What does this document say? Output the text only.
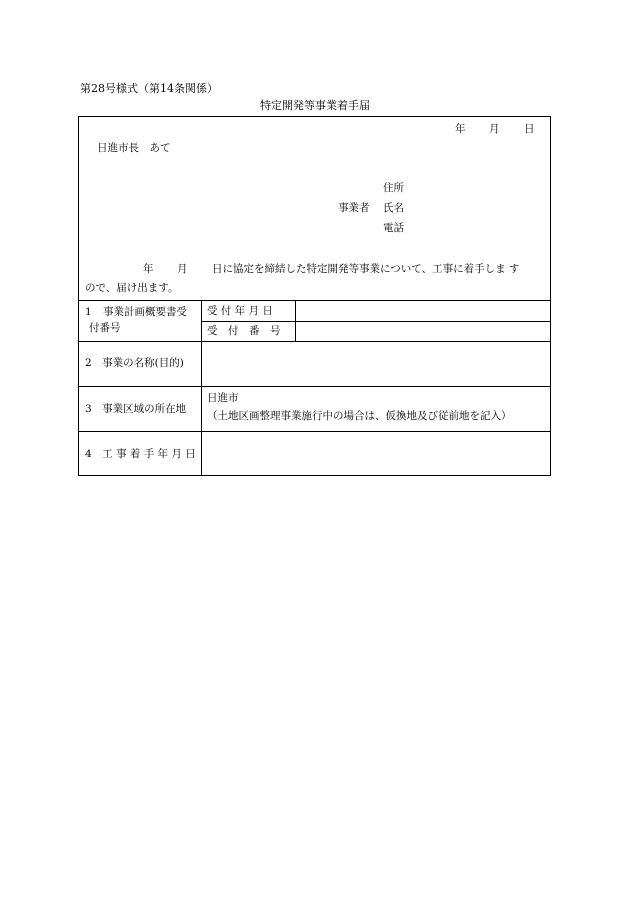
第28号様式（第14条関係）
特定開発等事業着手届
年 月 日
日進市長　あて
住所
事業者 氏名
電話
年 月 日に協定を締結した特定開発等事業について、工事に着手しま す
ので、届け出ます。
1 事業計画概要書受
付番号
受 付 年 月 日
受　付　番　号
2　事業の名称(目的)
3　事業区域の所在地
日進市
（土地区画整理事業施行中の場合は、仮換地及び従前地を記入）
4　工 事 着 手 年 月 日
